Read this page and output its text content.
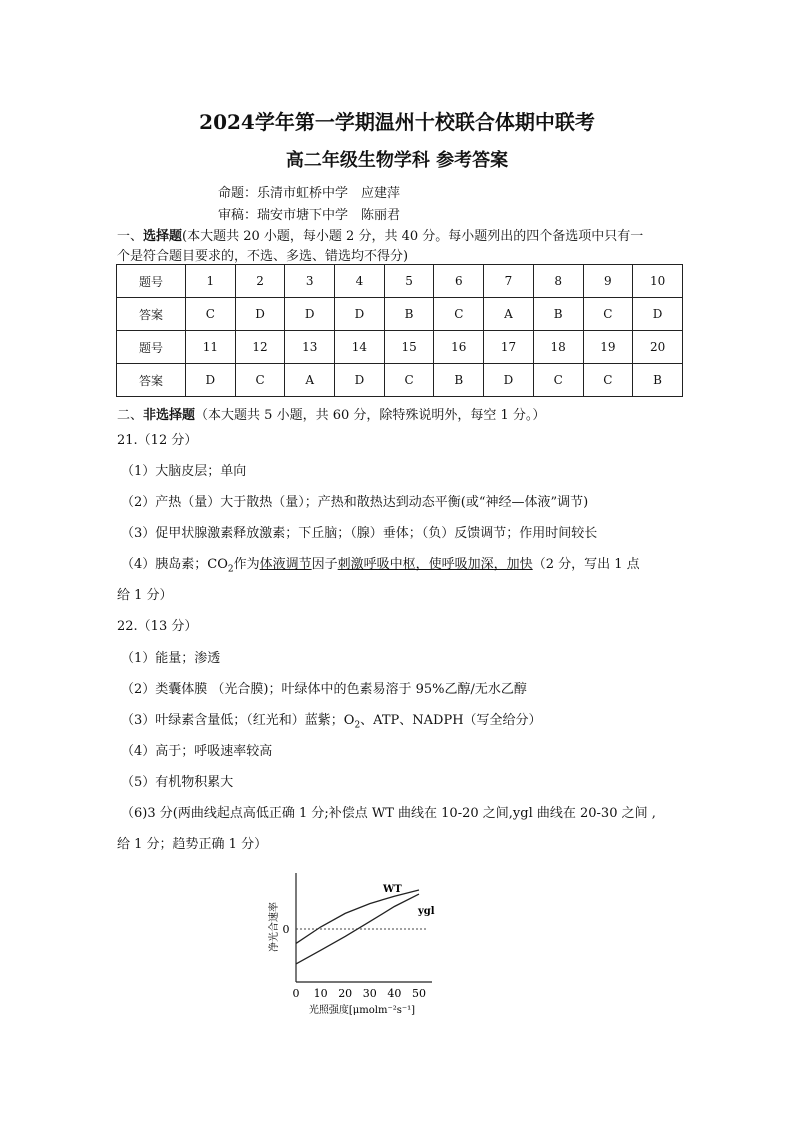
2024学年第一学期温州十校联合体期中联考
高二年级生物学科 参考答案
命题：乐清市虹桥中学　应建萍
审稿：瑞安市塘下中学　陈丽君
一、选择题(本大题共 20 小题，每小题 2 分，共 40 分。每小题列出的四个备选项中只有一
个是符合题目要求的，不选、多选、错选均不得分)
题号	1	2	3	4	5	6	7	8	9	10
答案	C	D	D	D	B	C	A	B	C	D
题号	11	12	13	14	15	16	17	18	19	20
答案	D	C	A	D	C	B	D	C	C	B
二、非选择题（本大题共 5 小题，共 60 分，除特殊说明外，每空 1 分。）
21.（12 分）
（1）大脑皮层；单向
（2）产热（量）大于散热（量）；产热和散热达到动态平衡(或“神经—体液”调节)
（3）促甲状腺激素释放激素；下丘脑；（腺）垂体；（负）反馈调节；作用时间较长
（4）胰岛素；$CO_2$作为体液调节因子刺激呼吸中枢，使呼吸加深，加快（2 分，写出 1 点
给 1 分）
22.（13 分）
（1）能量；渗透
（2）类囊体膜 （光合膜)；叶绿体中的色素易溶于 95%乙醇/无水乙醇
（3）叶绿素含量低；（红光和）蓝紫；$O_2$、ATP、NADPH（写全给分）
（4）高于；呼吸速率较高
（5）有机物积累大
（6)3 分(两曲线起点高低正确 1 分;补偿点 WT 曲线在 10-20 之间,ygl 曲线在 20-30 之间 ,
给 1 分；趋势正确 1 分）
0
0 10 20 30 40 50
光照强度[μmolm⁻²s⁻¹]
净光合速率
WT
ygl
